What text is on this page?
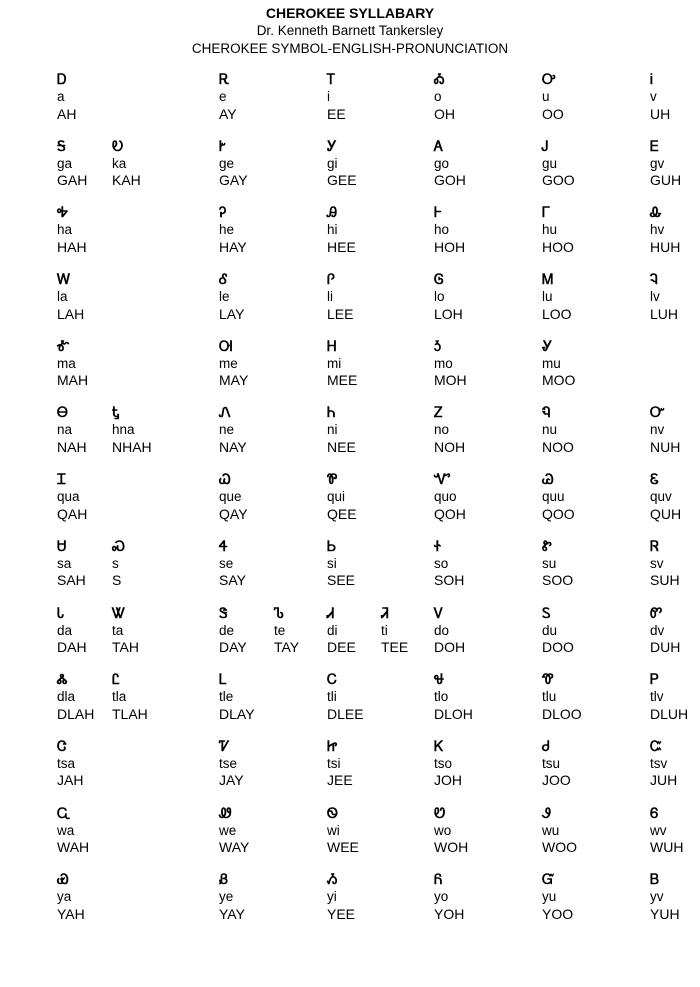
CHEROKEE SYLLABARY
Dr. Kenneth Barnett Tankersley
CHEROKEE SYMBOL-ENGLISH-PRONUNCIATION
Ꭰ
a
AH
Ꭱ
e
AY
Ꭲ
i
EE
Ꭳ
o
OH
Ꭴ
u
OO
Ꭵ
v
UH
Ꭶ
ga
GAH
Ꭷ
ka
KAH
Ꭸ
ge
GAY
Ꭹ
gi
GEE
Ꭺ
go
GOH
Ꭻ
gu
GOO
Ꭼ
gv
GUH
Ꭽ
ha
HAH
Ꭾ
he
HAY
Ꭿ
hi
HEE
Ꮀ
ho
HOH
Ꮁ
hu
HOO
Ꮂ
hv
HUH
Ꮃ
la
LAH
Ꮄ
le
LAY
Ꮅ
li
LEE
Ꮆ
lo
LOH
Ꮇ
lu
LOO
Ꮈ
lv
LUH
Ꮉ
ma
MAH
Ꮊ
me
MAY
Ꮋ
mi
MEE
Ꮌ
mo
MOH
Ꮍ
mu
MOO
Ꮎ
na
NAH
Ꮏ
hna
NHAH
Ꮑ
ne
NAY
Ꮒ
ni
NEE
Ꮓ
no
NOH
Ꮔ
nu
NOO
Ꮕ
nv
NUH
Ꮖ
qua
QAH
Ꮗ
que
QAY
Ꮘ
qui
QEE
Ꮙ
quo
QOH
Ꮚ
quu
QOO
Ꮛ
quv
QUH
Ꮜ
sa
SAH
Ꮝ
s
S
Ꮞ
se
SAY
Ꮟ
si
SEE
Ꮠ
so
SOH
Ꮡ
su
SOO
Ꮢ
sv
SUH
Ꮣ
da
DAH
Ꮤ
ta
TAH
Ꮥ
de
DAY
Ꮦ
te
TAY
Ꮧ
di
DEE
Ꮨ
ti
TEE
Ꮩ
do
DOH
Ꮪ
du
DOO
Ꮫ
dv
DUH
Ꮬ
dla
DLAH
Ꮭ
tla
TLAH
Ꮮ
tle
DLAY
Ꮯ
tli
DLEE
Ꮰ
tlo
DLOH
Ꮱ
tlu
DLOO
Ꮲ
tlv
DLUH
Ꮳ
tsa
JAH
Ꮴ
tse
JAY
Ꮵ
tsi
JEE
Ꮶ
tso
JOH
Ꮷ
tsu
JOO
Ꮸ
tsv
JUH
Ꮹ
wa
WAH
Ꮺ
we
WAY
Ꮻ
wi
WEE
Ꮼ
wo
WOH
Ꮽ
wu
WOO
Ꮾ
wv
WUH
Ꮿ
ya
YAH
Ᏸ
ye
YAY
Ᏹ
yi
YEE
Ᏺ
yo
YOH
Ᏻ
yu
YOO
Ᏼ
yv
YUH
